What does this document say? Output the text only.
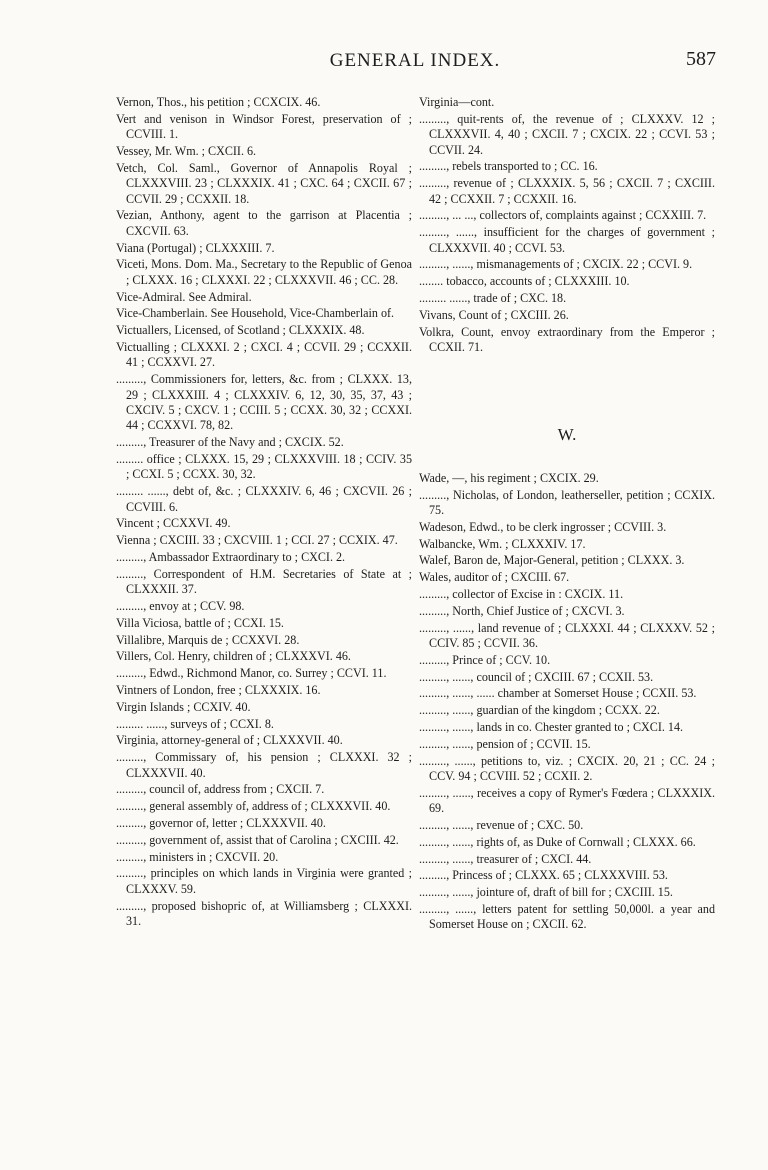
GENERAL INDEX.	587

Vernon, Thos., his petition ; CCXCIX. 46.

Vert and venison in Windsor Forest, preservation of ; CCVIII. 1.

Vessey, Mr. Wm. ; CXCII. 6.

Vetch, Col. Saml., Governor of Annapolis Royal ; CLXXXVIII. 23 ; CLXXXIX. 41 ; CXC. 64 ; CXCII. 67 ; CCVII. 29 ; CCXXII. 18.

Vezian, Anthony, agent to the garrison at Placentia ; CXCVII. 63.

Viana (Portugal) ; CLXXXIII. 7.

Viceti, Mons. Dom. Ma., Secretary to the Republic of Genoa ; CLXXX. 16 ; CLXXXI. 22 ; CLXXXVII. 46 ; CC. 28.

Vice-Admiral. See Admiral.

Vice-Chamberlain. See Household, Vice-Chamberlain of.

Victuallers, Licensed, of Scotland ; CLXXXIX. 48.

Victualling ; CLXXXI. 2 ; CXCI. 4 ; CCVII. 29 ; CCXXII. 41 ; CCXXVI. 27.

........., Commissioners for, letters, &c. from ; CLXXX. 13, 29 ; CLXXXIII. 4 ; CLXXXIV. 6, 12, 30, 35, 37, 43 ; CXCIV. 5 ; CXCV. 1 ; CCIII. 5 ; CCXX. 30, 32 ; CCXXI. 44 ; CCXXVI. 78, 82.

........., Treasurer of the Navy and ; CXCIX. 52.

......... office ; CLXXX. 15, 29 ; CLXXXVIII. 18 ; CCIV. 35 ; CCXI. 5 ; CCXX. 30, 32.

......... ......, debt of, &c. ; CLXXXIV. 6, 46 ; CXCVII. 26 ; CCVIII. 6.

Vincent ; CCXXVI. 49.

Vienna ; CXCIII. 33 ; CXCVIII. 1 ; CCI. 27 ; CCXIX. 47.

........., Ambassador Extraordinary to ; CXCI. 2.

........., Correspondent of H.M. Secretaries of State at ; CLXXXII. 37.

........., envoy at ; CCV. 98.

Villa Viciosa, battle of ; CCXI. 15.

Villalibre, Marquis de ; CCXXVI. 28.

Villers, Col. Henry, children of ; CLXXXVI. 46.

........., Edwd., Richmond Manor, co. Surrey ; CCVI. 11.

Vintners of London, free ; CLXXXIX. 16.

Virgin Islands ; CCXIV. 40.

......... ......, surveys of ; CCXI. 8.

Virginia, attorney-general of ; CLXXXVII. 40.

........., Commissary of, his pension ; CLXXXI. 32 ; CLXXXVII. 40.

........., council of, address from ; CXCII. 7.

........., general assembly of, address of ; CLXXXVII. 40.

........., governor of, letter ; CLXXXVII. 40.

........., government of, assist that of Carolina ; CXCIII. 42.

........., ministers in ; CXCVII. 20.

........., principles on which lands in Virginia were granted ; CLXXXV. 59.

........., proposed bishopric of, at Williamsberg ; CLXXXI. 31.

Virginia—cont.

........., quit-rents of, the revenue of ; CLXXXV. 12 ; CLXXXVII. 4, 40 ; CXCII. 7 ; CXCIX. 22 ; CCVI. 53 ; CCVII. 24.

........., rebels transported to ; CC. 16.

........., revenue of ; CLXXXIX. 5, 56 ; CXCII. 7 ; CXCIII. 42 ; CCXXII. 7 ; CCXXII. 16.

........., ... ..., collectors of, complaints against ; CCXXIII. 7.

........., ......, insufficient for the charges of government ; CLXXXVII. 40 ; CCVI. 53.

........., ......, mismanagements of ; CXCIX. 22 ; CCVI. 9.

........ tobacco, accounts of ; CLXXXIII. 10.

......... ......, trade of ; CXC. 18.

Vivans, Count of ; CXCIII. 26.

Volkra, Count, envoy extraordinary from the Emperor ; CCXII. 71.

W.

Wade, —, his regiment ; CXCIX. 29.

........., Nicholas, of London, leatherseller, petition ; CCXIX. 75.

Wadeson, Edwd., to be clerk ingrosser ; CCVIII. 3.

Walbancke, Wm. ; CLXXXIV. 17.

Walef, Baron de, Major-General, petition ; CLXXX. 3.

Wales, auditor of ; CXCIII. 67.

........., collector of Excise in : CXCIX. 11.

........., North, Chief Justice of ; CXCVI. 3.

........., ......, land revenue of ; CLXXXI. 44 ; CLXXXV. 52 ; CCIV. 85 ; CCVII. 36.

........., Prince of ; CCV. 10.

........., ......, council of ; CXCIII. 67 ; CCXII. 53.

........., ......, ...... chamber at Somerset House ; CCXII. 53.

........., ......, guardian of the kingdom ; CCXX. 22.

........., ......, lands in co. Chester granted to ; CXCI. 14.

........., ......, pension of ; CCVII. 15.

........., ......, petitions to, viz. ; CXCIX. 20, 21 ; CC. 24 ; CCV. 94 ; CCVIII. 52 ; CCXII. 2.

........., ......, receives a copy of Rymer's Fœdera ; CLXXXIX. 69.

........., ......, revenue of ; CXC. 50.

........., ......, rights of, as Duke of Cornwall ; CLXXX. 66.

........., ......, treasurer of ; CXCI. 44.

........., Princess of ; CLXXX. 65 ; CLXXXVIII. 53.

........., ......, jointure of, draft of bill for ; CXCIII. 15.

........., ......, letters patent for settling 50,000l. a year and Somerset House on ; CXCII. 62.
